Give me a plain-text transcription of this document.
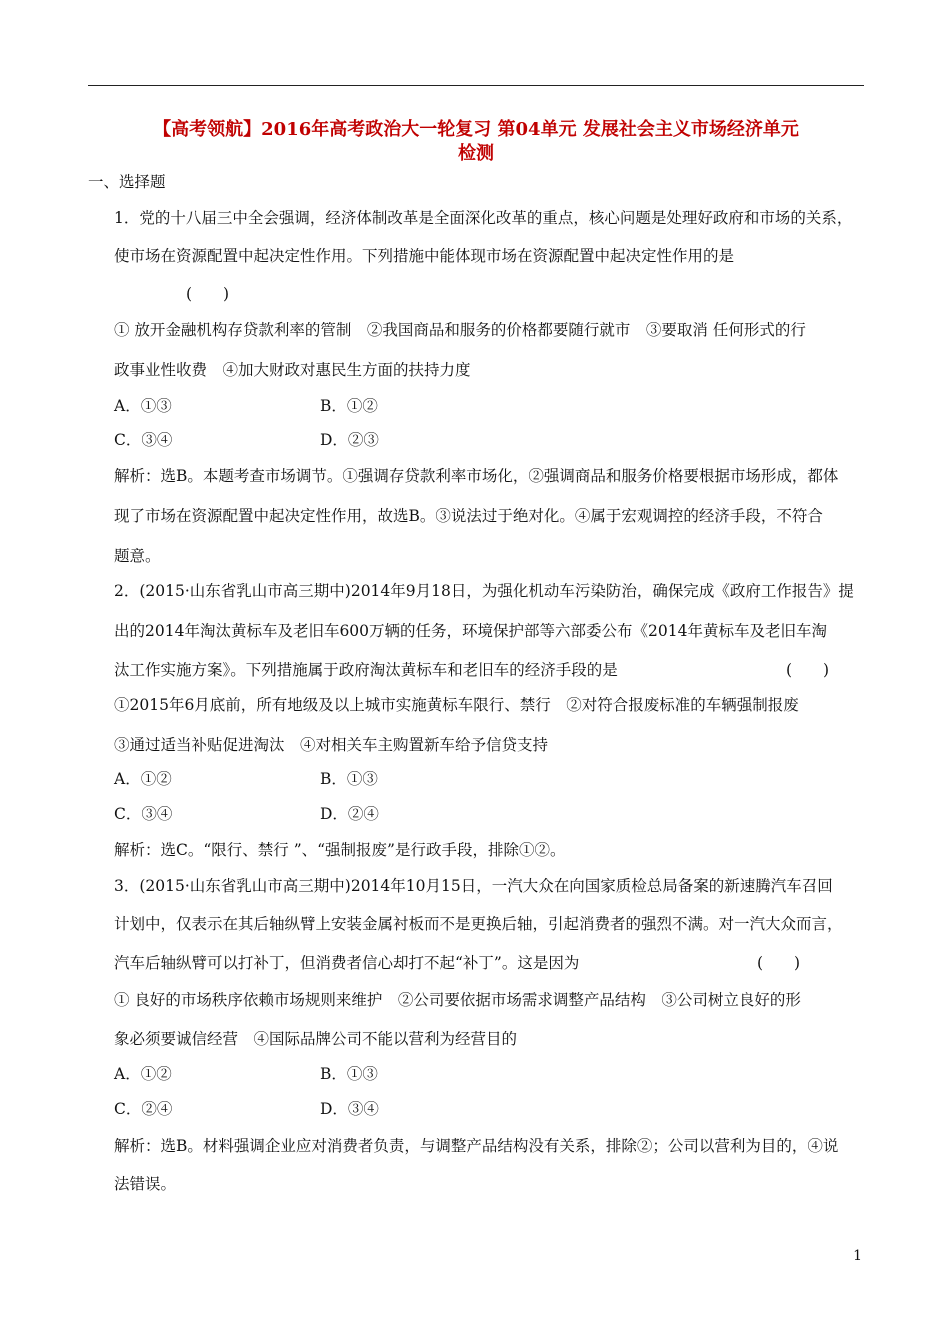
【高考领航】2016年高考政治大一轮复习 第04单元 发展社会主义市场经济单元
检测
一、选择题
1．党的十八届三中全会强调，经济体制改革是全面深化改革的重点，核心问题是处理好政府和市场的关系，
使市场在资源配置中起决定性作用。下列措施中能体现市场在资源配置中起决定性作用的是
(　　)
① 放开金融机构存贷款利率的管制　②我国商品和服务的价格都要随行就市　③要取消 任何形式的行
政事业性收费　④加大财政对惠民生方面的扶持力度
A．①③	B．①②
C．③④	D．②③
解析：选B。本题考查市场调节。①强调存贷款利率市场化，②强调商品和服务价格要根据市场形成，都体
现了市场在资源配置中起决定性作用，故选B。③说法过于绝对化。④属于宏观调控的经济手段，不符合
题意。
2．(2015·山东省乳山市高三期中)2014年9月18日，为强化机动车污染防治，确保完成《政府工作报告》提
出的2014年淘汰黄标车及老旧车600万辆的任务，环境保护部等六部委公布《2014年黄标车及老旧车淘
汰工作实施方案》。下列措施属于政府淘汰黄标车和老旧车的经济手段的是	(　　)
①2015年6月底前，所有地级及以上城市实施黄标车限行、禁行　②对符合报废标准的车辆强制报废
③通过适当补贴促进淘汰　④对相关车主购置新车给予信贷支持
A．①②	B．①③
C．③④	D．②④
解析：选C。“限行、禁行 ”、“强制报废”是行政手段，排除①②。
3．(2015·山东省乳山市高三期中)2014年10月15日，一汽大众在向国家质检总局备案的新速腾汽车召回
计划中，仅表示在其后轴纵臂上安装金属衬板而不是更换后轴，引起消费者的强烈不满。对一汽大众而言，
汽车后轴纵臂可以打补丁，但消费者信心却打不起“补丁”。这是因为	(　　)
① 良好的市场秩序依赖市场规则来维护　②公司要依据市场需求调整产品结构　③公司树立良好的形
象必须要诚信经营　④国际品牌公司不能以营利为经营目的
A．①②	B．①③
C．②④	D．③④
解析：选B。材料强调企业应对消费者负责，与调整产品结构没有关系，排除②；公司以营利为目的，④说
法错误。
1
